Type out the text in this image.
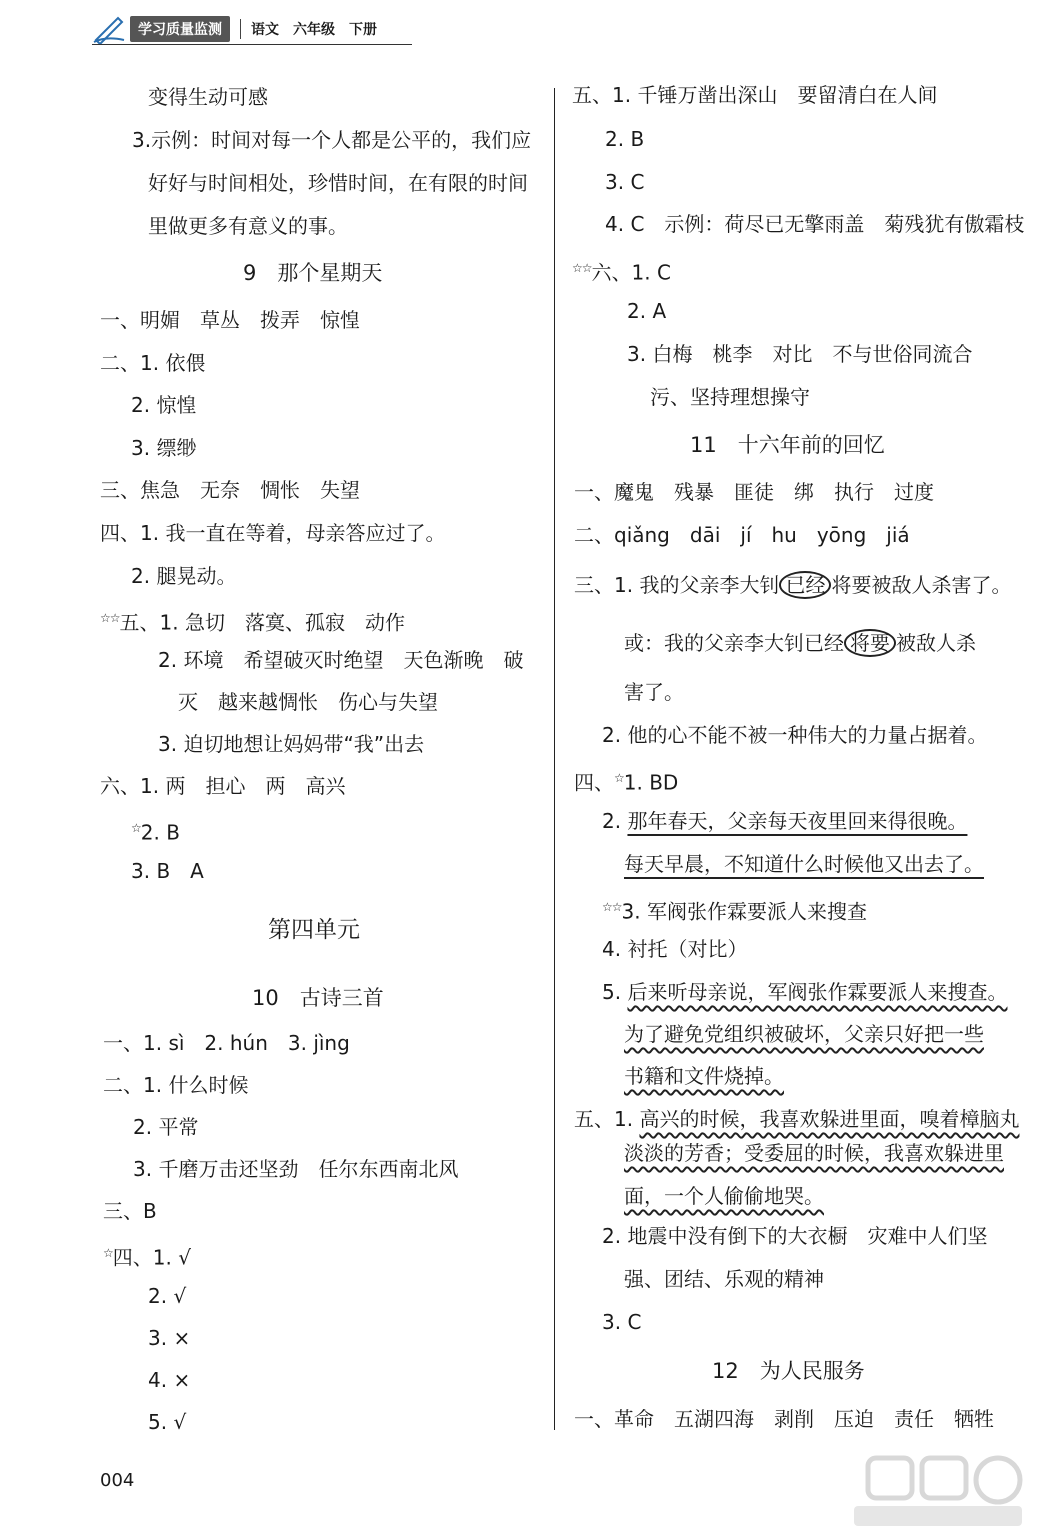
学习质量监测	语文 六年级 下册
变得生动可感
3.示例：时间对每一个人都是公平的，我们应
好好与时间相处，珍惜时间，在有限的时间
里做更多有意义的事。
9　那个星期天
一、明媚　草丛　拨弄　惊惶
二、1. 依偎
2. 惊惶
3. 缥缈
三、焦急　无奈　惆怅　失望
四、1. 我一直在等着，母亲答应过了。
2. 腿晃动。
☆☆五、1. 急切　落寞、孤寂　动作
2. 环境　希望破灭时绝望　天色渐晚　破
灭　越来越惆怅　伤心与失望
3. 迫切地想让妈妈带“我”出去
六、1. 两　担心　两　高兴
☆2. B
3. B　A
第四单元
10　古诗三首
一、1. sì　2. hún　3. jìng
二、1. 什么时候
2. 平常
3. 千磨万击还坚劲　任尔东西南北风
三、B
☆四、1. √
2. √
3. ×
4. ×
5. √
五、1. 千锤万凿出深山　要留清白在人间
2. B
3. C
4. C　示例：荷尽已无擎雨盖　菊残犹有傲霜枝
☆☆六、1. C
2. A
3. 白梅　桃李　对比　不与世俗同流合
污、坚持理想操守
11　十六年前的回忆
一、魔鬼　残暴　匪徒　绑　执行　过度
二、qiǎng　dāi　jí　hu　yōng　jiá
三、1. 我的父亲李大钊 已经 将要被敌人杀害了。
或：我的父亲李大钊已经 将要 被敌人杀
害了。
2. 他的心不能不被一种伟大的力量占据着。
四、☆1. BD
2. 那年春天，父亲每天夜里回来得很晚。
每天早晨，不知道什么时候他又出去了。
☆☆3. 军阀张作霖要派人来搜查
4. 衬托（对比）
5. 后来听母亲说，军阀张作霖要派人来搜查。
为了避免党组织被破坏，父亲只好把一些
书籍和文件烧掉。
五、1. 高兴的时候，我喜欢躲进里面，嗅着樟脑丸
淡淡的芳香；受委屈的时候，我喜欢躲进里
面，一个人偷偷地哭。
2. 地震中没有倒下的大衣橱　灾难中人们坚
强、团结、乐观的精神
3. C
12　为人民服务
一、革命　五湖四海　剥削　压迫　责任　牺牲
004
